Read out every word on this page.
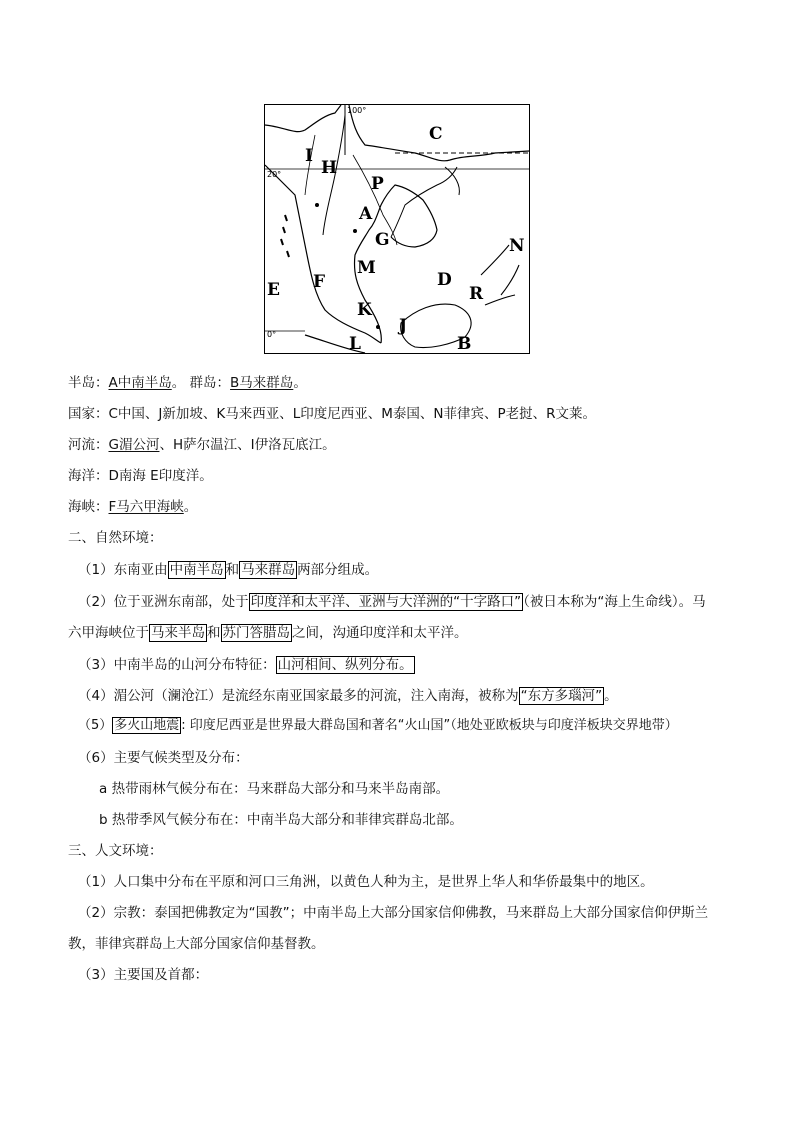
100°
20°
0°
C
I
H
P
A
G
M
N
D
E F
R
K
J
L	B
半岛：A中南半岛。 群岛：B马来群岛。
国家：C中国、J新加坡、K马来西亚、L印度尼西亚、M泰国、N菲律宾、P老挝、R文莱。
河流：G湄公河、H萨尔温江、I伊洛瓦底江。
海洋：D南海 E印度洋。
海峡：F马六甲海峡。
二、自然环境：
（1）东南亚由 中南半岛 和 马来群岛 两部分组成。
（2）位于亚洲东南部，处于 印度洋和太平洋、亚洲与大洋洲的“十字路口” （被日本称为“海上生命线）。马
六甲海峡位于 马来半岛 和 苏门答腊岛 之间，沟通印度洋和太平洋。
（3）中南半岛的山河分布特征： 山河相间、纵列分布。
（4）湄公河（澜沧江）是流经东南亚国家最多的河流，注入南海，被称为 “东方多瑙河” 。
（5） 多火山地震 : 印度尼西亚是世界最大群岛国和著名“火山国”（地处亚欧板块与印度洋板块交界地带）
（6）主要气候类型及分布：
a 热带雨林气候分布在：马来群岛大部分和马来半岛南部。
b 热带季风气候分布在：中南半岛大部分和菲律宾群岛北部。
三、人文环境：
（1）人口集中分布在平原和河口三角洲，以黄色人种为主，是世界上华人和华侨最集中的地区。
（2）宗教：泰国把佛教定为“国教”；中南半岛上大部分国家信仰佛教，马来群岛上大部分国家信仰伊斯兰
教，菲律宾群岛上大部分国家信仰基督教。
（3）主要国及首都：
